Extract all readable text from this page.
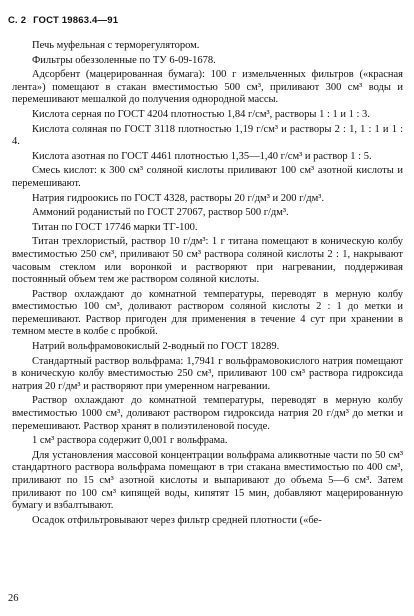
С. 2 ГОСТ 19863.4—91

Печь муфельная с терморегулятором.

Фильтры обеззоленные по ТУ 6-09-1678.

Адсорбент (мацерированная бумага): 100 г измельченных фильтров («красная лента») помещают в стакан вместимостью 500 см³, приливают 300 см³ воды и перемешивают мешалкой до получения однородной массы.

Кислота серная по ГОСТ 4204 плотностью 1,84 г/см³, растворы 1 : 1 и 1 : 3.

Кислота соляная по ГОСТ 3118 плотностью 1,19 г/см³ и растворы 2 : 1, 1 : 1 и 1 : 4.

Кислота азотная по ГОСТ 4461 плотностью 1,35—1,40 г/см³ и раствор 1 : 5.

Смесь кислот: к 300 см³ соляной кислоты приливают 100 см³ азотной кислоты и перемешивают.

Натрия гидроокись по ГОСТ 4328, растворы 20 г/дм³ и 200 г/дм³.

Аммоний роданистый по ГОСТ 27067, раствор 500 г/дм³.

Титан по ГОСТ 17746 марки ТГ-100.

Титан трехлористый, раствор 10 г/дм³: 1 г титана помещают в коническую колбу вместимостью 250 см³, приливают 50 см³ раствора соляной кислоты 2 : 1, накрывают часовым стеклом или воронкой и растворяют при нагревании, поддерживая постоянный объем тем же раствором соляной кислоты.

Раствор охлаждают до комнатной температуры, переводят в мерную колбу вместимостью 100 см³, доливают раствором соляной кислоты 2 : 1 до метки и перемешивают. Раствор пригоден для применения в течение 4 сут при хранении в темном месте в колбе с пробкой.

Натрий вольфрамовокислый 2-водный по ГОСТ 18289.

Стандартный раствор вольфрама: 1,7941 г вольфрамовокислого натрия помещают в коническую колбу вместимостью 250 см³, приливают 100 см³ раствора гидроксида натрия 20 г/дм³ и растворяют при умеренном нагревании.

Раствор охлаждают до комнатной температуры, переводят в мерную колбу вместимостью 1000 см³, доливают раствором гидроксида натрия 20 г/дм³ до метки и перемешивают. Раствор хранят в полиэтиленовой посуде.

1 см³ раствора содержит 0,001 г вольфрама.

Для установления массовой концентрации вольфрама аликвотные части по 50 см³ стандартного раствора вольфрама помещают в три стакана вместимостью по 400 см³, приливают по 15 см³ азотной кислоты и выпаривают до объема 5—6 см³. Затем приливают по 100 см³ кипящей воды, кипятят 15 мин, добавляют мацерированную бумагу и взбалтывают.

Осадок отфильтровывают через фильтр средней плотности («бе-

26
